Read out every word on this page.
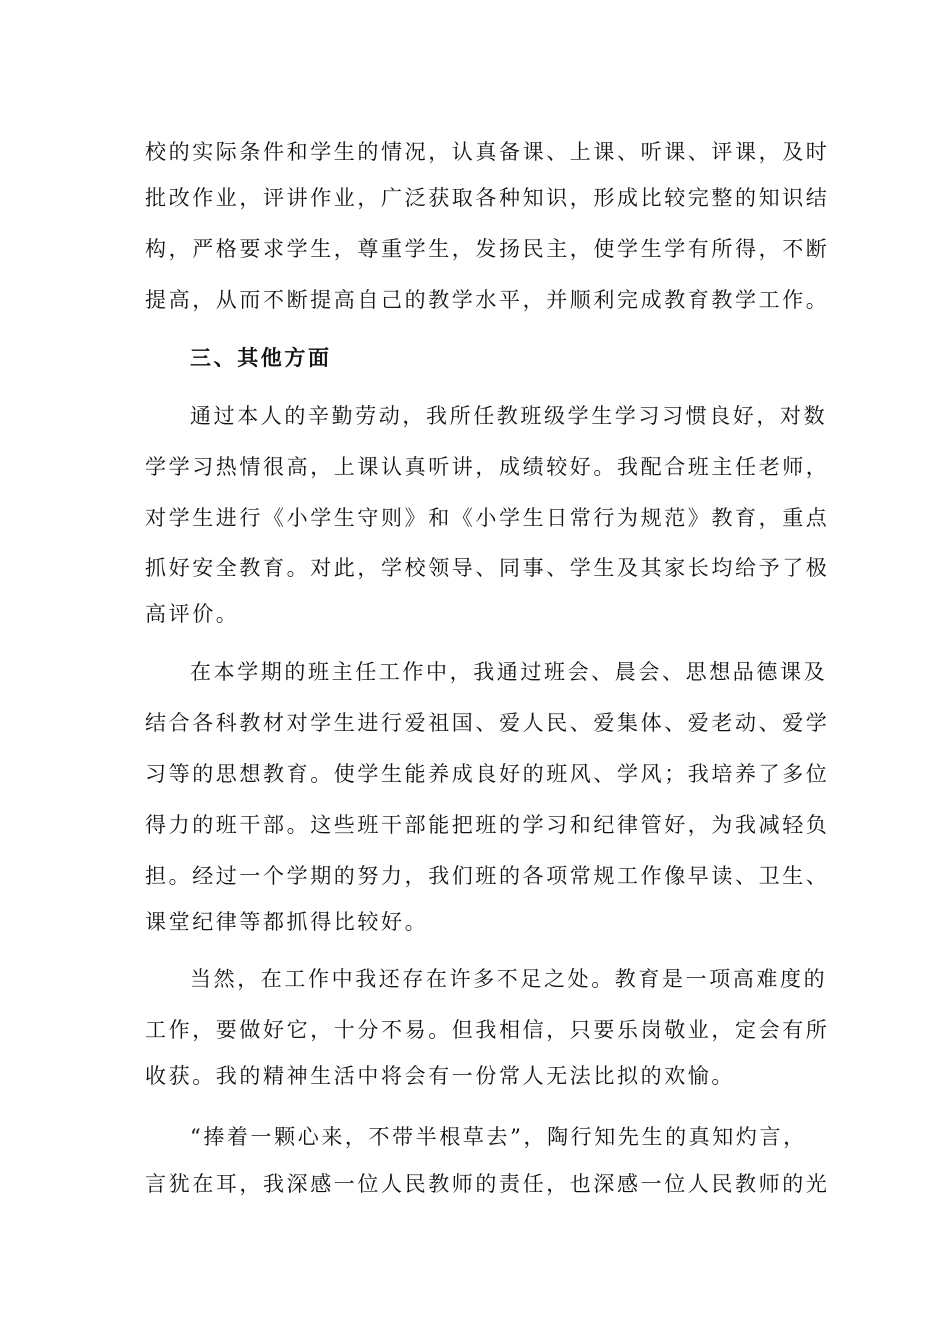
校的实际条件和学生的情况，认真备课、上课、听课、评课，及时
批改作业，评讲作业，广泛获取各种知识，形成比较完整的知识结
构，严格要求学生，尊重学生，发扬民主，使学生学有所得，不断
提高，从而不断提高自己的教学水平，并顺利完成教育教学工作。
三、其他方面
通过本人的辛勤劳动，我所任教班级学生学习习惯良好，对数
学学习热情很高，上课认真听讲，成绩较好。我配合班主任老师，
对学生进行《小学生守则》和《小学生日常行为规范》教育，重点
抓好安全教育。对此，学校领导、同事、学生及其家长均给予了极
高评价。
在本学期的班主任工作中，我通过班会、晨会、思想品德课及
结合各科教材对学生进行爱祖国、爱人民、爱集体、爱老动、爱学
习等的思想教育。使学生能养成良好的班风、学风；我培养了多位
得力的班干部。这些班干部能把班的学习和纪律管好，为我减轻负
担。经过一个学期的努力，我们班的各项常规工作像早读、卫生、
课堂纪律等都抓得比较好。
当然，在工作中我还存在许多不足之处。教育是一项高难度的
工作，要做好它，十分不易。但我相信，只要乐岗敬业，定会有所
收获。我的精神生活中将会有一份常人无法比拟的欢愉。
“捧着一颗心来，不带半根草去”，陶行知先生的真知灼言，
言犹在耳，我深感一位人民教师的责任，也深感一位人民教师的光
